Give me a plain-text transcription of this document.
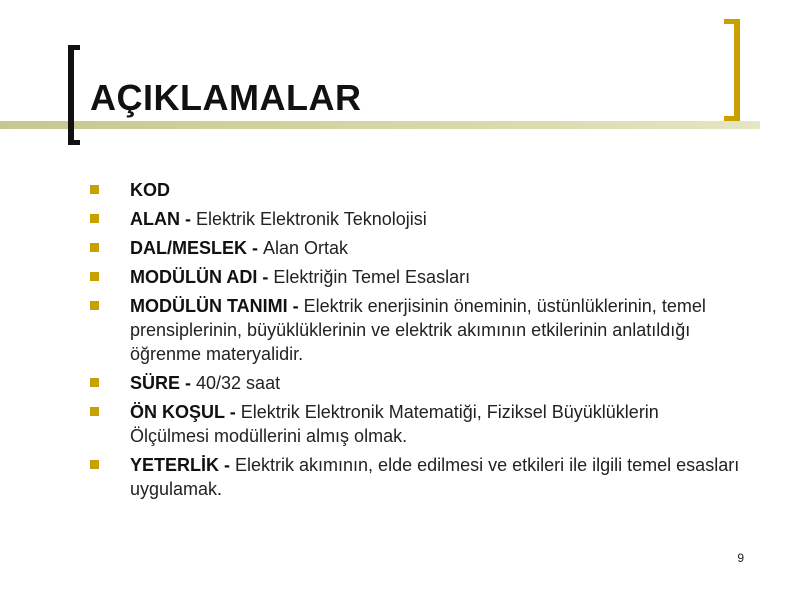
AÇIKLAMALAR
KOD
ALAN - Elektrik Elektronik Teknolojisi
DAL/MESLEK - Alan Ortak
MODÜLÜN ADI - Elektriğin Temel Esasları
MODÜLÜN TANIMI - Elektrik enerjisinin öneminin, üstünlüklerinin, temel prensiplerinin, büyüklüklerinin ve elektrik akımının etkilerinin anlatıldığı öğrenme materyalidir.
SÜRE - 40/32 saat
ÖN KOŞUL - Elektrik Elektronik Matematiği, Fiziksel Büyüklüklerin Ölçülmesi modüllerini almış olmak.
YETERLİK - Elektrik akımının, elde edilmesi ve etkileri ile ilgili temel esasları uygulamak.
9
